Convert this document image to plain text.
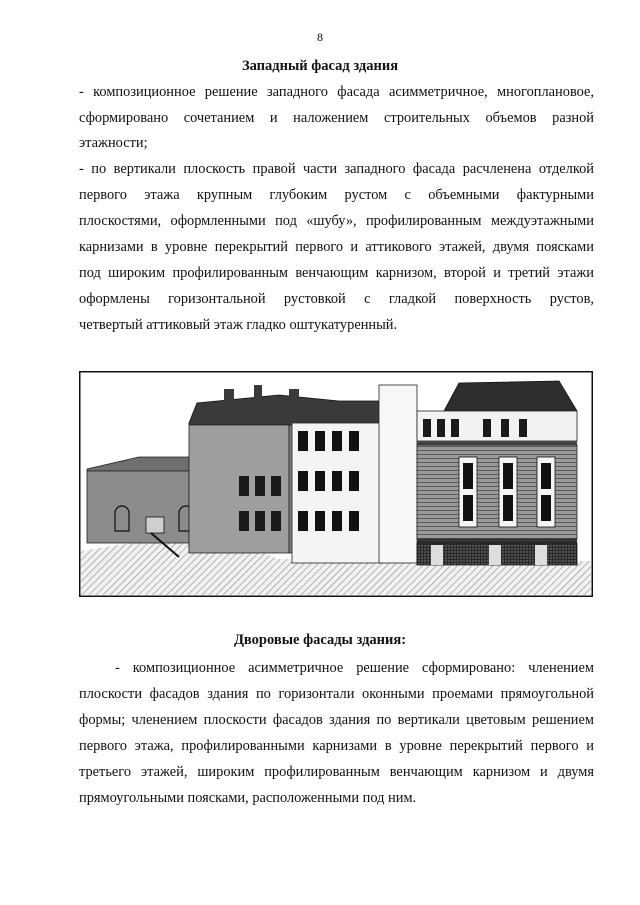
8
Западный фасад здания
- композиционное решение западного фасада асимметричное, многоплановое,
сформировано сочетанием и наложением строительных объемов разной
этажности;
- по вертикали плоскость правой части западного фасада расчленена отделкой
первого этажа крупным глубоким рустом с объемными фактурными
плоскостями, оформленными под «шубу», профилированным междуэтажными
карнизами в уровне перекрытий первого и аттикового этажей, двумя поясками
под широким профилированным венчающим карнизом, второй и третий этажи
оформлены горизонтальной рустовкой с гладкой поверхность рустов,
четвертый аттиковый этаж гладко оштукатуренный.
Дворовые фасады здания:
- композиционное асимметричное решение сформировано: членением
плоскости фасадов здания по горизонтали оконными проемами прямоугольной
формы; членением плоскости фасадов здания по вертикали цветовым решением
первого этажа, профилированными карнизами в уровне перекрытий первого и
третьего этажей, широким профилированным венчающим карнизом и двумя
прямоугольными поясками, расположенными под ним.
